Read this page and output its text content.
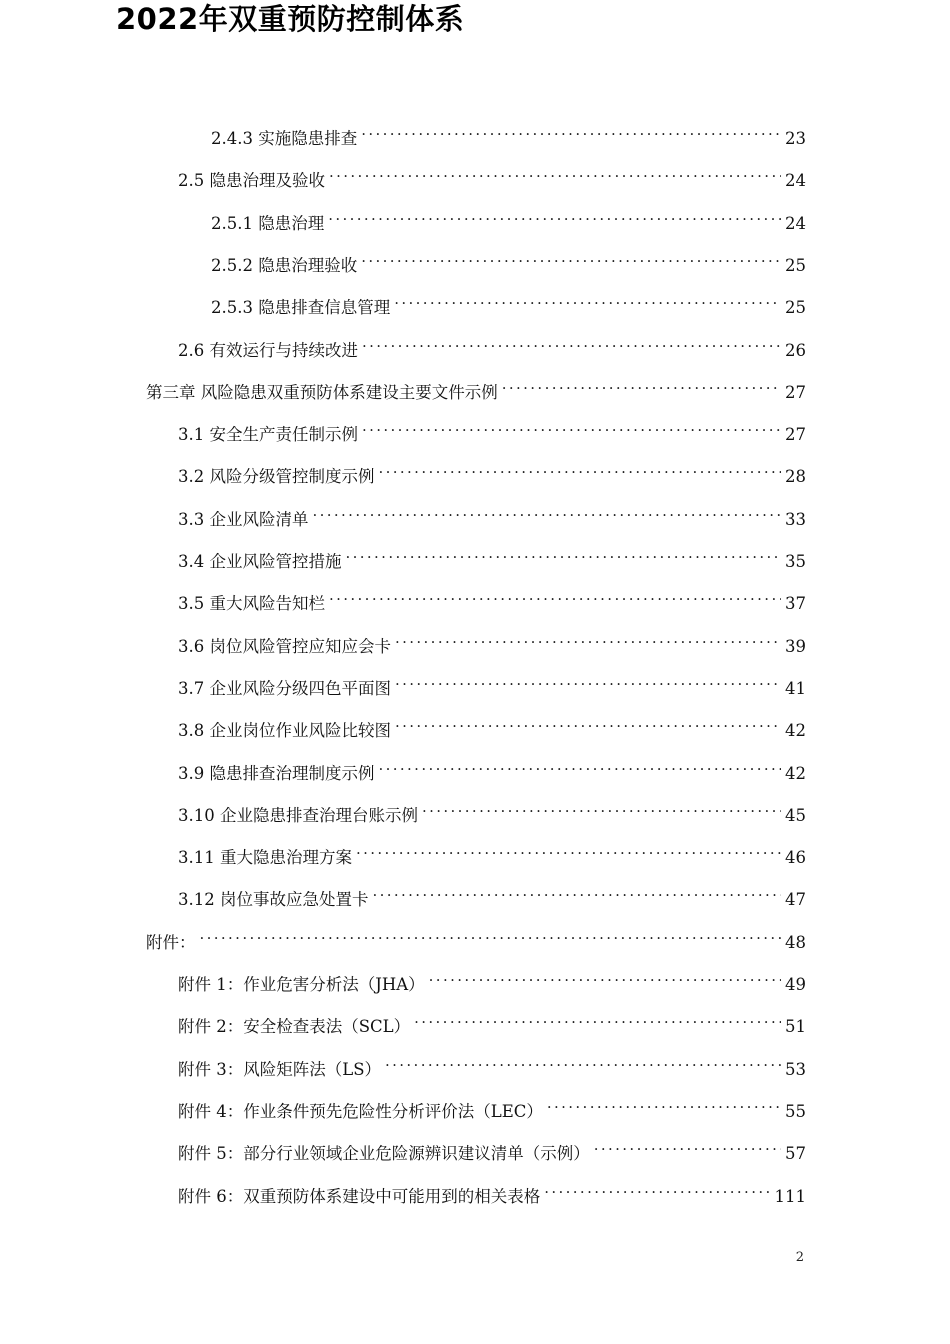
2022年双重预防控制体系
2.4.3 实施隐患排查 . . .	23
2.5 隐患治理及验收 . . .	24
2.5.1 隐患治理 . . .	24
2.5.2 隐患治理验收 . . .	25
2.5.3 隐患排查信息管理 . . .	25
2.6 有效运行与持续改进 . . .	26
第三章 风险隐患双重预防体系建设主要文件示例 . . .	27
3.1 安全生产责任制示例 . . .	27
3.2 风险分级管控制度示例 . . .	28
3.3 企业风险清单 . . .	33
3.4 企业风险管控措施 . . .	35
3.5 重大风险告知栏 . . .	37
3.6 岗位风险管控应知应会卡 . . .	39
3.7 企业风险分级四色平面图 . . .	41
3.8 企业岗位作业风险比较图 . . .	42
3.9 隐患排查治理制度示例 . . .	42
3.10 企业隐患排查治理台账示例 . . .	45
3.11 重大隐患治理方案 . . .	46
3.12 岗位事故应急处置卡 . . .	47
附件： . . .	48
附件 1：作业危害分析法（JHA） . . .	49
附件 2：安全检查表法（SCL） . . .	51
附件 3：风险矩阵法（LS） . . .	53
附件 4：作业条件预先危险性分析评价法（LEC） . . .	55
附件 5：部分行业领域企业危险源辨识建议清单（示例） . . .	57
附件 6：双重预防体系建设中可能用到的相关表格 . . .	111
2
